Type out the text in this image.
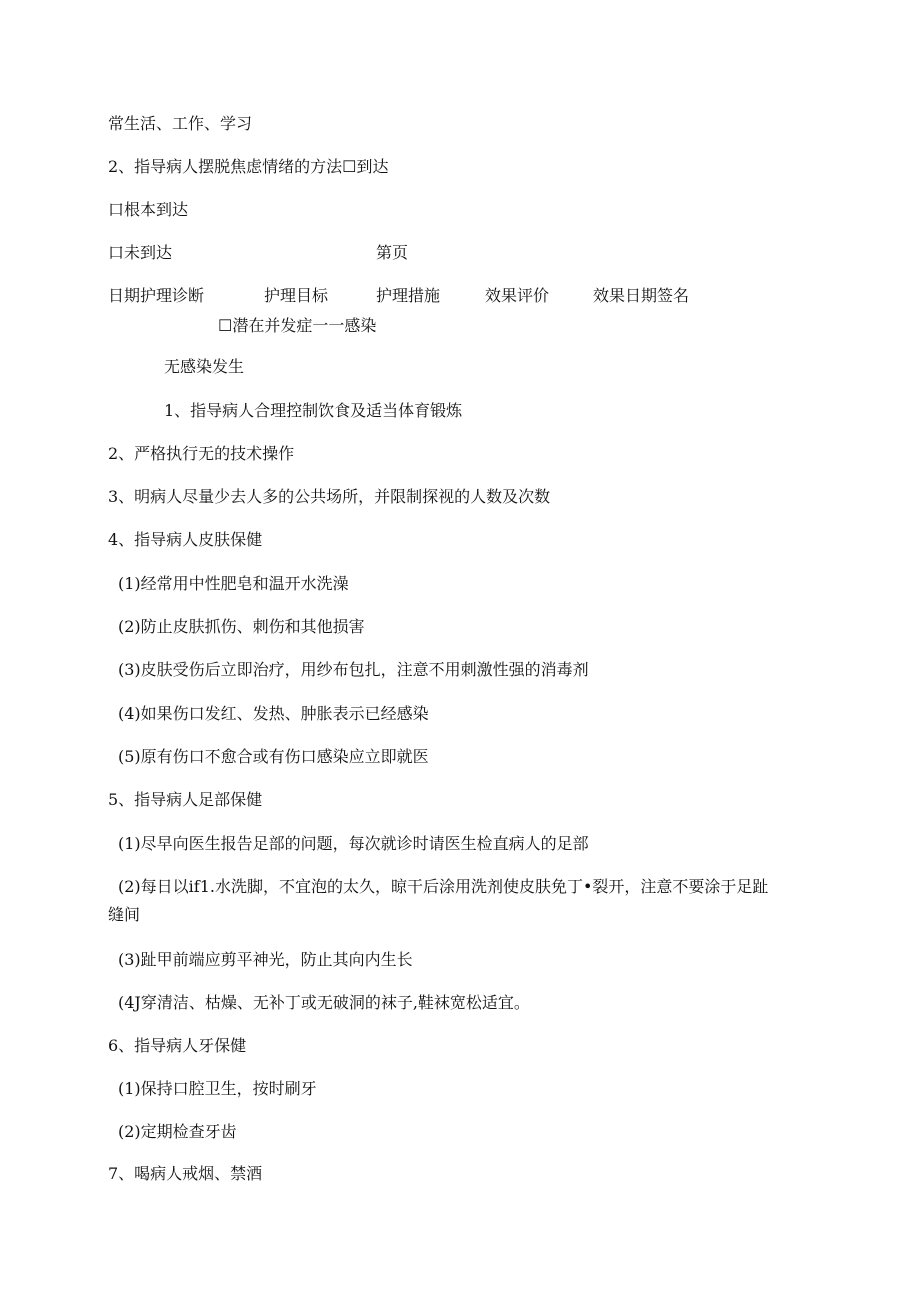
常生活、工作、学习
2、指导病人摆脱焦虑情绪的方法☐到达
口根本到达
口未到达	第页
日期护理诊断	护理目标	护理措施	效果评价	效果日期签名
☐潜在并发症一一感染
无感染发生
1、指导病人合理控制饮食及适当体育锻炼
2、严格执行无的技术操作
3、明病人尽量少去人多的公共场所，并限制探视的人数及次数
4、指导病人皮肤保健
(1)经常用中性肥皂和温开水洗澡
(2)防止皮肤抓伤、刺伤和其他损害
(3)皮肤受伤后立即治疗，用纱布包扎，注意不用刺激性强的消毒剂
(4)如果伤口发红、发热、肿胀表示已经感染
(5)原有伤口不愈合或有伤口感染应立即就医
5、指导病人足部保健
(1)尽早向医生报告足部的问题，每次就诊时请医生检直病人的足部
(2)每日以if1.水洗脚，不宜泡的太久，晾干后涂用洗剂使皮肤免丁•裂开，注意不要涂于足趾
缝间
(3)趾甲前端应剪平神光，防止其向内生长
(4J穿清洁、枯燥、无补丁或无破洞的袜子,鞋袜宽松适宜。
6、指导病人牙保健
(1)保持口腔卫生，按时刷牙
(2)定期检查牙齿
7、喝病人戒烟、禁酒
